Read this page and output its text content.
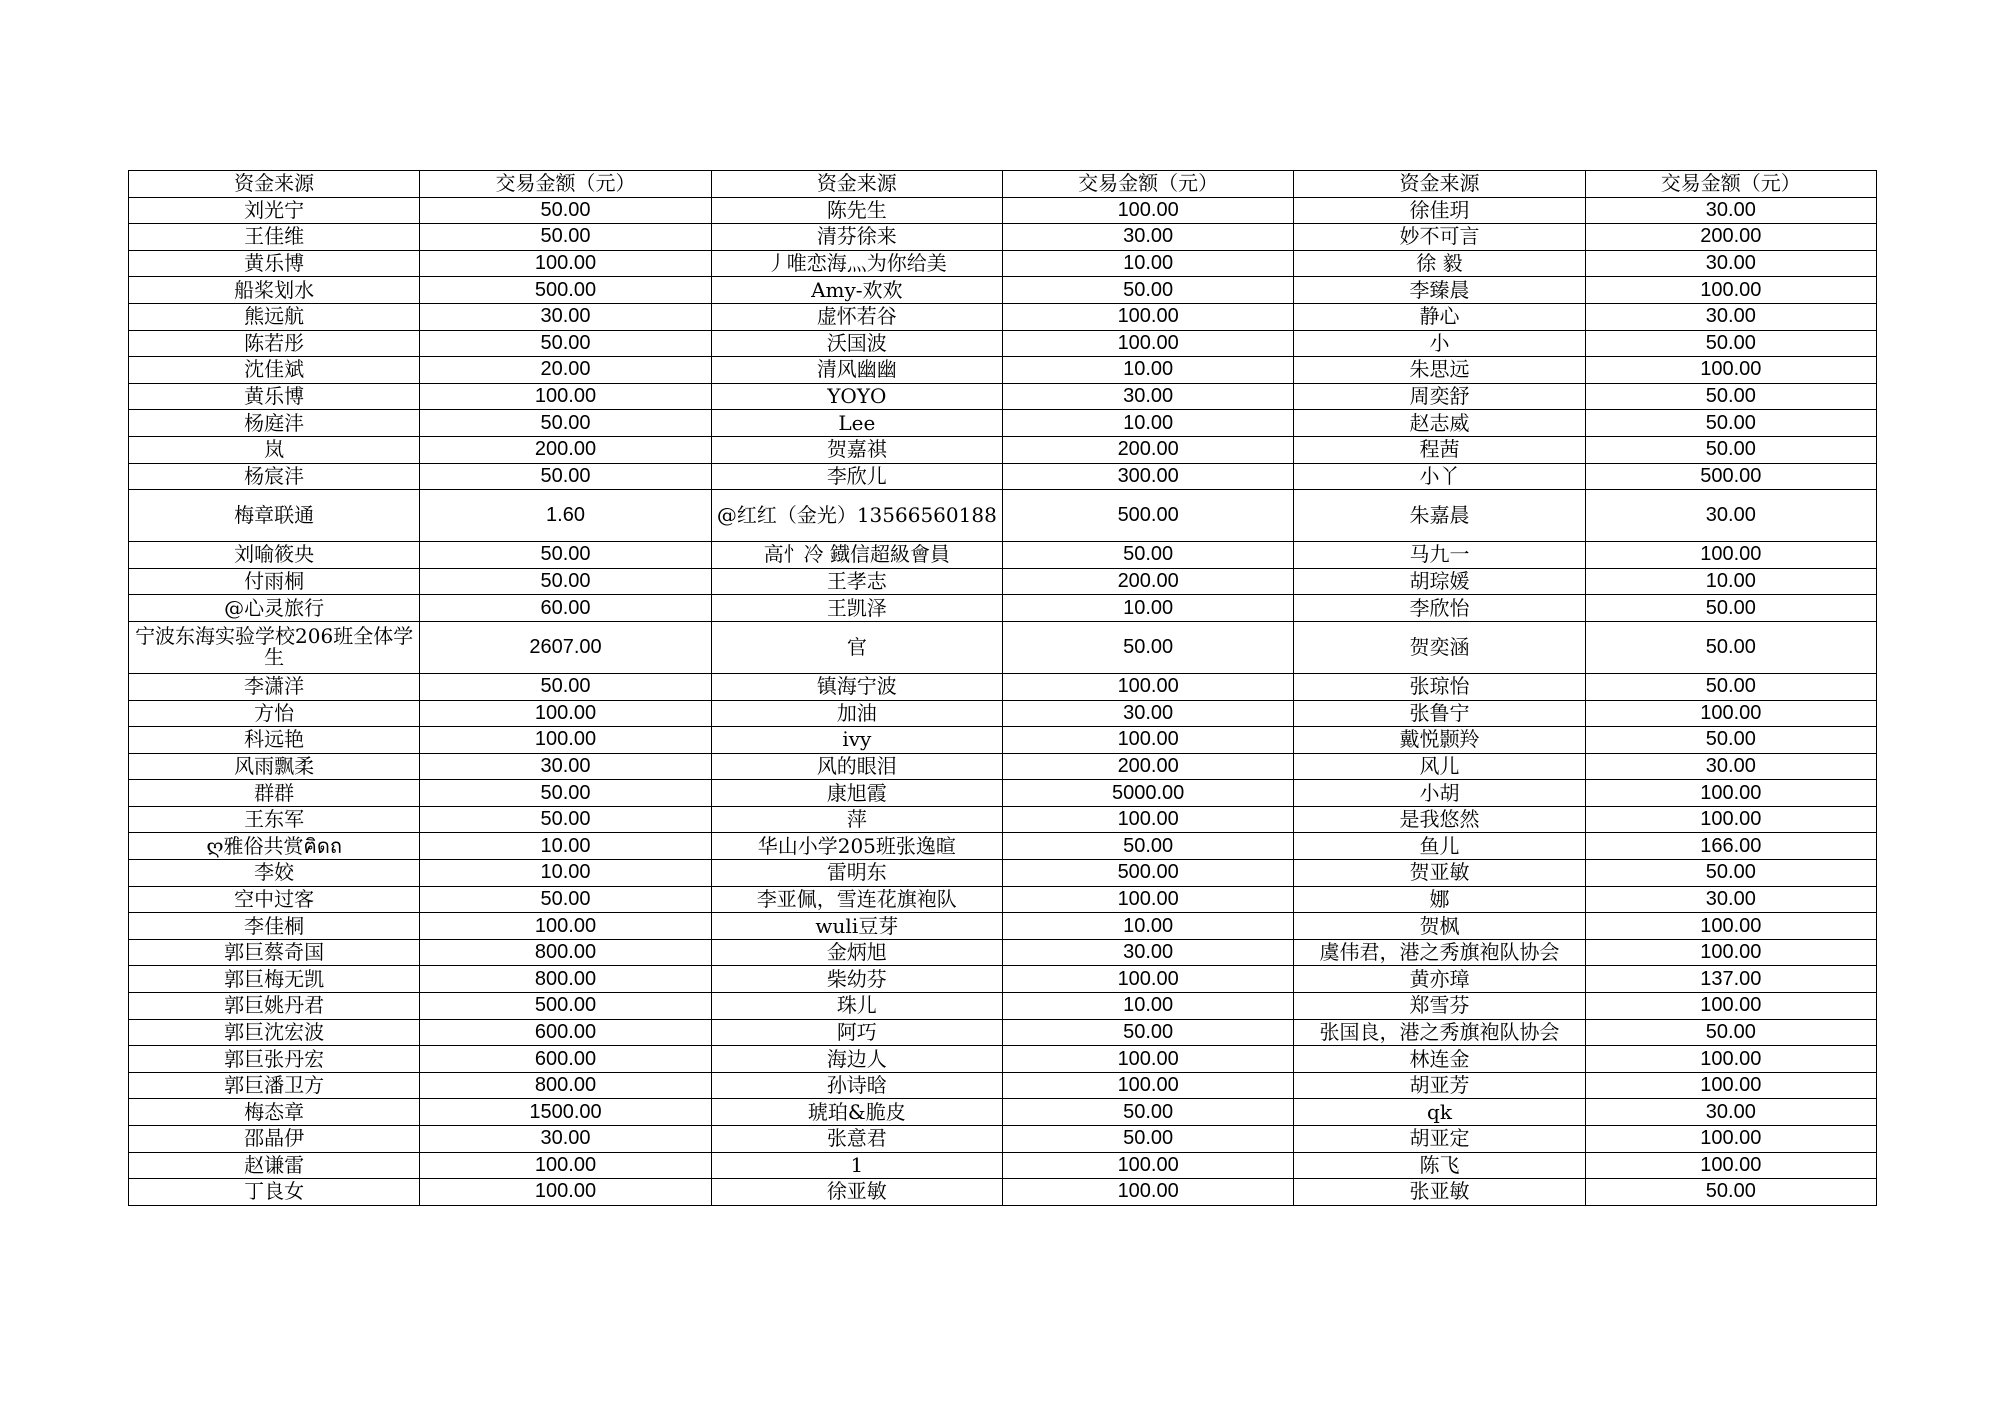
资金来源	交易金额（元）	资金来源	交易金额（元）	资金来源	交易金额（元）
刘光宁	50.00	陈先生	100.00	徐佳玥	30.00
王佳维	50.00	清芬徐来	30.00	妙不可言	200.00
黄乐博	100.00	丿唯恋海灬为你给美	10.00	徐 毅	30.00
船桨划水	500.00	Amy-欢欢	50.00	李臻晨	100.00
熊远航	30.00	虚怀若谷	100.00	静心	30.00
陈若彤	50.00	沃国波	100.00	小	50.00
沈佳斌	20.00	清风幽幽	10.00	朱思远	100.00
黄乐博	100.00	YOYO	30.00	周奕舒	50.00
杨庭沣	50.00	Lee	10.00	赵志威	50.00
岚	200.00	贺嘉祺	200.00	程茜	50.00
杨宸沣	50.00	李欣儿	300.00	小丫	500.00
梅章联通	1.60	@红红（金光）13566560188	500.00	朱嘉晨	30.00
刘喻筱央	50.00	高忄冷 鐡信超級會員	50.00	马九一	100.00
付雨桐	50.00	王孝志	200.00	胡琮媛	10.00
@心灵旅行	60.00	王凯泽	10.00	李欣怡	50.00
宁波东海实验学校206班全体学生	2607.00	官	50.00	贺奕涵	50.00
李潇洋	50.00	镇海宁波	100.00	张琼怡	50.00
方怡	100.00	加油	30.00	张鲁宁	100.00
科远艳	100.00	ivy	100.00	戴悦颢羚	50.00
风雨飘柔	30.00	风的眼泪	200.00	风儿	30.00
群群	50.00	康旭霞	5000.00	小胡	100.00
王东军	50.00	萍	100.00	是我悠然	100.00
ღ雅俗共赏ฅิดถ	10.00	华山小学205班张逸暄	50.00	鱼儿	166.00
李姣	10.00	雷明东	500.00	贺亚敏	50.00
空中过客	50.00	李亚佩，雪连花旗袍队	100.00	娜	30.00
李佳桐	100.00	wuli豆芽	10.00	贺枫	100.00
郭巨蔡奇国	800.00	金炳旭	30.00	虞伟君，港之秀旗袍队协会	100.00
郭巨梅无凯	800.00	柴幼芬	100.00	黄亦璋	137.00
郭巨姚丹君	500.00	珠儿	10.00	郑雪芬	100.00
郭巨沈宏波	600.00	阿巧	50.00	张国良，港之秀旗袍队协会	50.00
郭巨张丹宏	600.00	海边人	100.00	林连金	100.00
郭巨潘卫方	800.00	孙诗晗	100.00	胡亚芳	100.00
梅态章	1500.00	琥珀&脆皮	50.00	qk	30.00
邵晶伊	30.00	张意君	50.00	胡亚定	100.00
赵谦雷	100.00	1	100.00	陈飞	100.00
丁良女	100.00	徐亚敏	100.00	张亚敏	50.00
